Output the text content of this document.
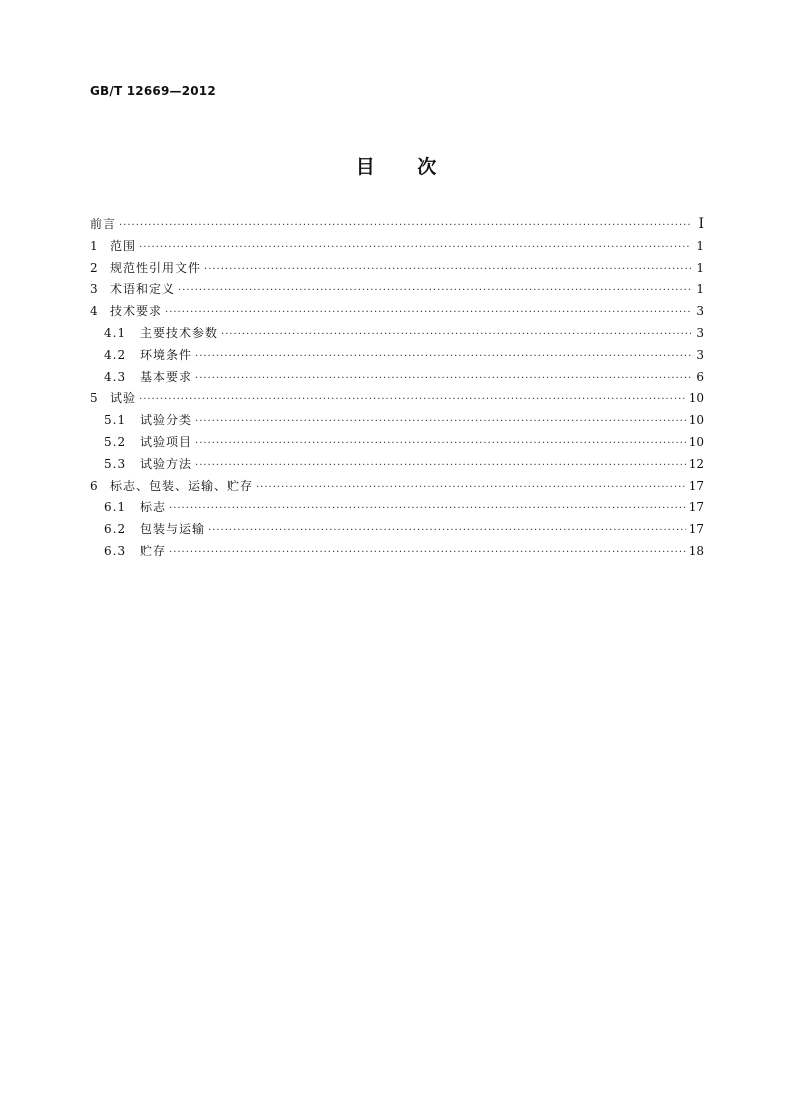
GB/T 12669—2012
目 次
前言 ·····	I
1 范围 ·····	1
2 规范性引用文件 ·····	1
3 术语和定义 ·····	1
4 技术要求 ·····	3
4.1	主要技术参数 ·····	3
4.2	环境条件 ·····	3
4.3	基本要求 ·····	6
5 试验 ·····	10
5.1	试验分类 ·····	10
5.2	试验项目 ·····	10
5.3	试验方法 ·····	12
6 标志、包装、运输、贮存 ·····	17
6.1	标志 ·····	17
6.2	包装与运输 ·····	17
6.3	贮存 ·····	18
